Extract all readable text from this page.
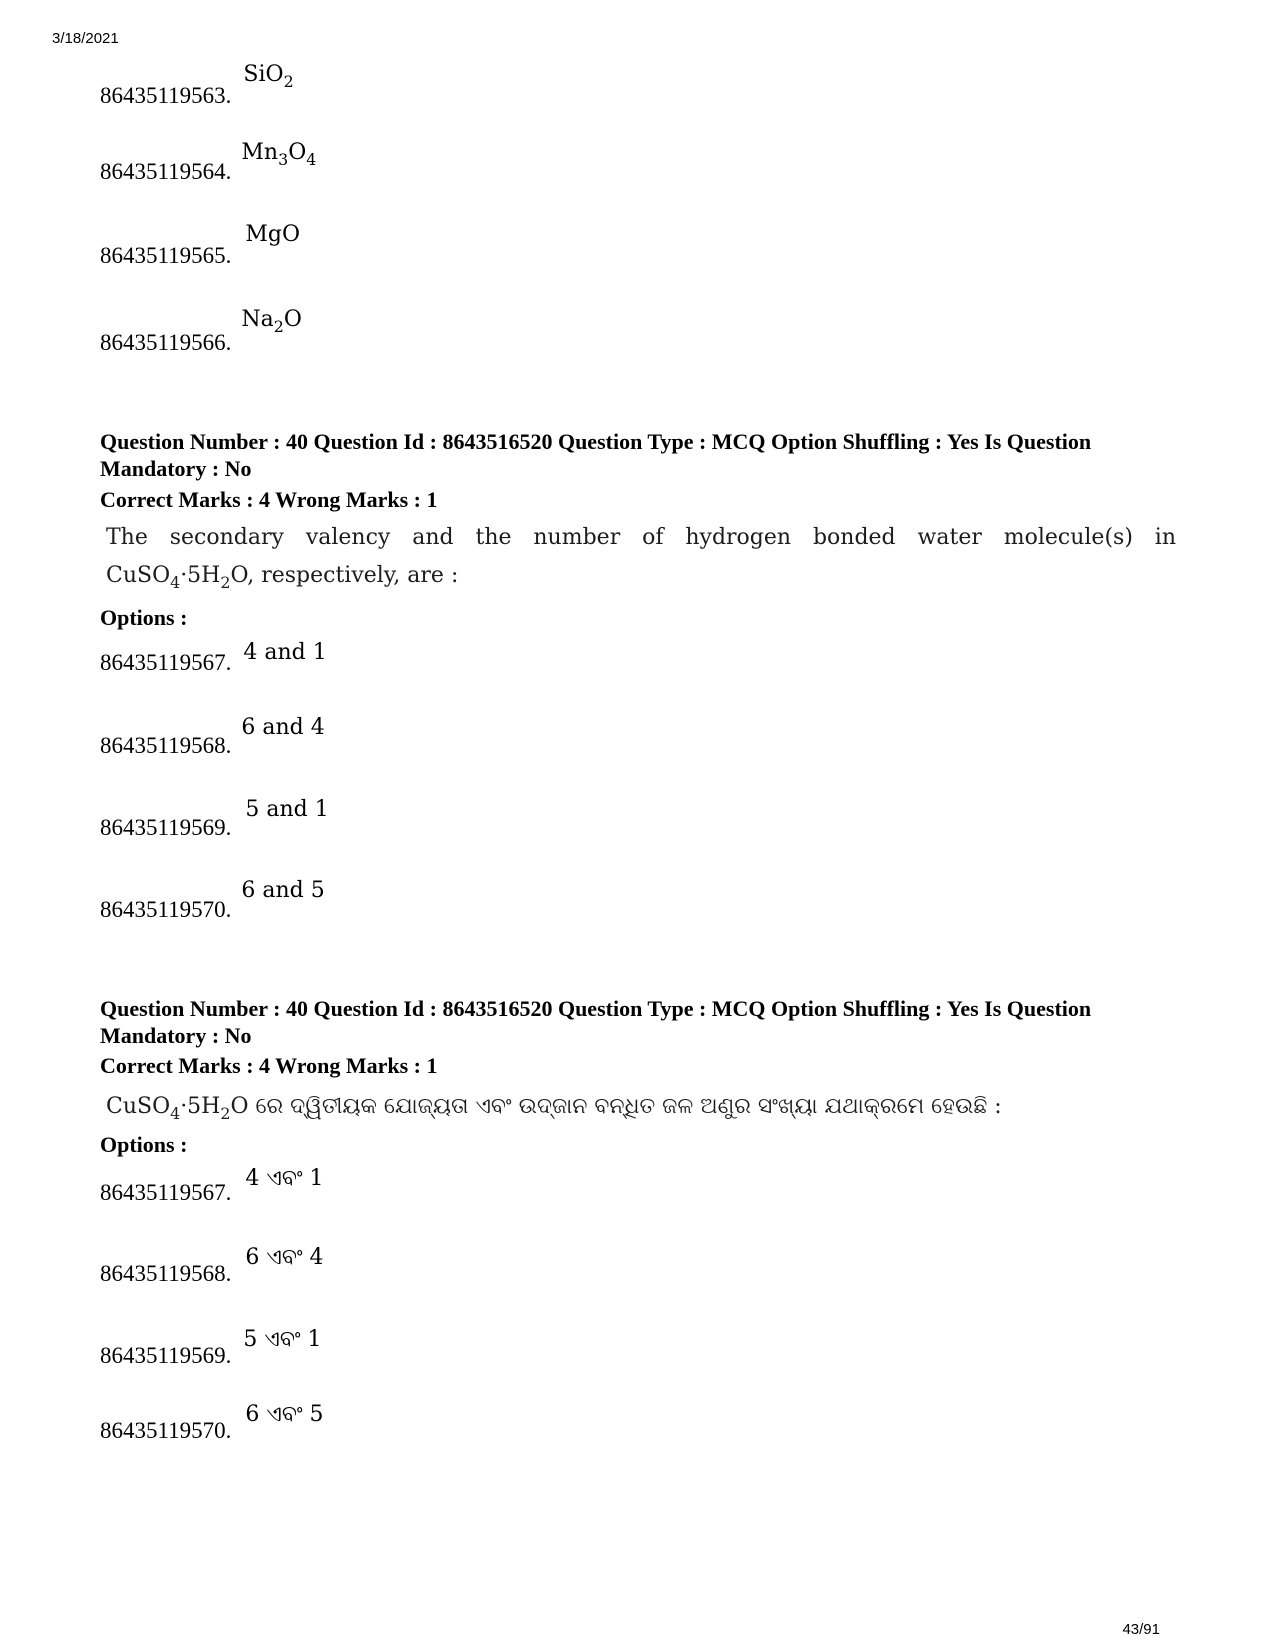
3/18/2021
86435119563.
SiO$_2$
86435119564.
$Mn_3O_4$
86435119565.
MgO
86435119566.
$Na_2O$
Question Number : 40 Question Id : 8643516520 Question Type : MCQ Option Shuffling : Yes Is Question Mandatory : No
Correct Marks : 4 Wrong Marks : 1
The secondary valency and the number of hydrogen bonded water molecule(s) in
$CuSO_4\cdot 5H_2O$, respectively, are :
Options :
86435119567. 4 and 1
86435119568.
6 and 4
86435119569.
5 and 1
86435119570.
6 and 5
Question Number : 40 Question Id : 8643516520 Question Type : MCQ Option Shuffling : Yes Is Question Mandatory : No
Correct Marks : 4 Wrong Marks : 1
$CuSO_4\cdot 5H_2O$ ରେ ଦ୍ୱିତୀୟକ ଯୋଜ୍ୟତା ଏବଂ ଉଦ୍‌ଜାନ ବନ୍ଧିତ ଜଳ ଅଣୁର ସଂଖ୍ୟା ଯଥାକ୍ରମେ ହେଉଛି :
Options :
86435119567.
4 ଏବଂ 1
86435119568.
6 ଏବଂ 4
86435119569.
5 ଏବଂ 1
86435119570.
6 ଏବଂ 5
43/91
